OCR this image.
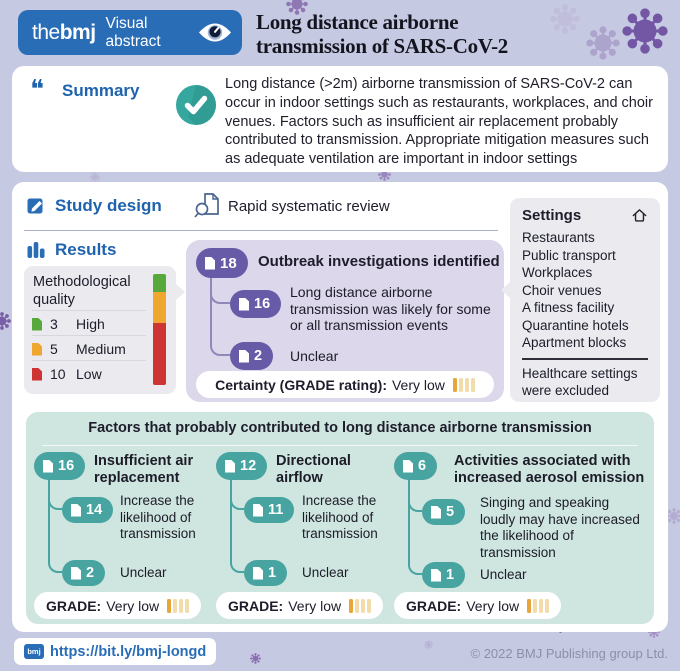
thebmj Visual abstract
Long distance airborne
transmission of SARS-CoV-2
❝ Summary	Long distance (>2m) airborne transmission of SARS-CoV-2 can occur in indoor settings such as restaurants, workplaces, and choir venues. Factors such as insufficient air replacement probably contributed to transmission. Appropriate mitigation measures such as adequate ventilation are important in indoor settings

Study design	Rapid systematic review
Results
Methodological quality
3	High
5	Medium
10 Low
18 Outbreak investigations identified
16
Long distance airborne transmission was likely for some or all transmission events
2 Unclear
Certainty (GRADE rating): Very low
Settings
Restaurants
Public transport
Workplaces
Choir venues
A fitness facility
Quarantine hotels
Apartment blocks
Healthcare settings were excluded
Factors that probably contributed to long distance airborne transmission
16 Insufficient air replacement
14
Increase the likelihood of transmission
2 Unclear
GRADE: Very low
12 Directional airflow
11
Increase the likelihood of transmission
1 Unclear
GRADE: Very low
6 Activities associated with increased aerosol emission
5
Singing and speaking loudly may have increased the likelihood of transmission
1 Unclear
GRADE: Very low
bmj https://bit.ly/bmj-longd	© 2022 BMJ Publishing group Ltd.
